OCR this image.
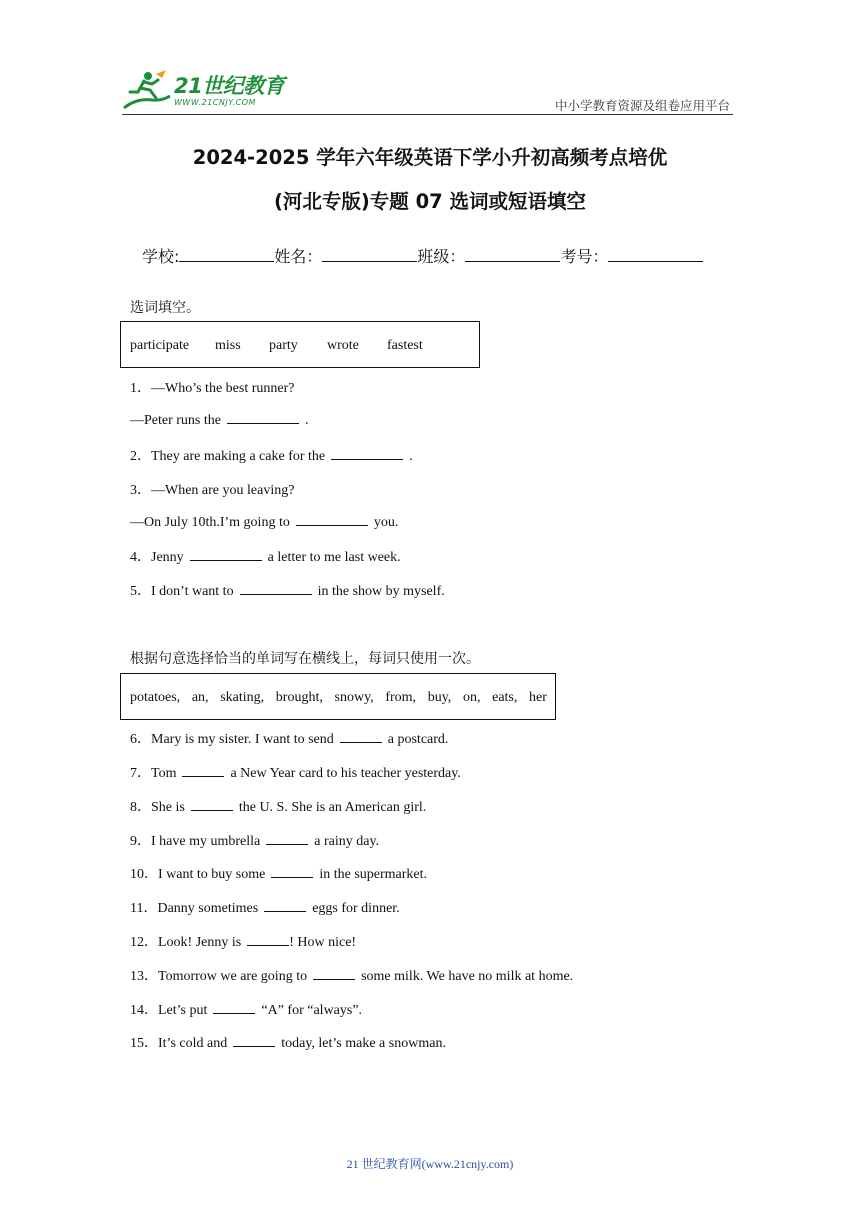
21世纪教育
WWW.21CNJY.COM	中小学教育资源及组卷应用平台
2024-2025 学年六年级英语下学小升初高频考点培优
(河北专版)专题 07 选词或短语填空
学校:	姓名：	班级：	考号：
选词填空。
participate miss party wrote fastest
1．—Who’s the best runner?
—Peter runs the	.
2．They are making a cake for the	.
3．—When are you leaving?
—On July 10th.I’m going to	you.
4．Jenny	a letter to me last week.
5．I don’t want to	in the show by myself.
根据句意选择恰当的单词写在横线上，每词只使用一次。
potatoes, an, skating, brought, snowy, from, buy, on, eats, her
6．Mary is my sister. I want to send	a postcard.
7．Tom	a New Year card to his teacher yesterday.
8．She is	the U. S. She is an American girl.
9．I have my umbrella	a rainy day.
10．I want to buy some	in the supermarket.
11．Danny sometimes	eggs for dinner.
12．Look! Jenny is	! How nice!
13．Tomorrow we are going to	some milk. We have no milk at home.
14．Let’s put	“A” for “always”.
15．It’s cold and	today, let’s make a snowman.
21 世纪教育网(www.21cnjy.com)
